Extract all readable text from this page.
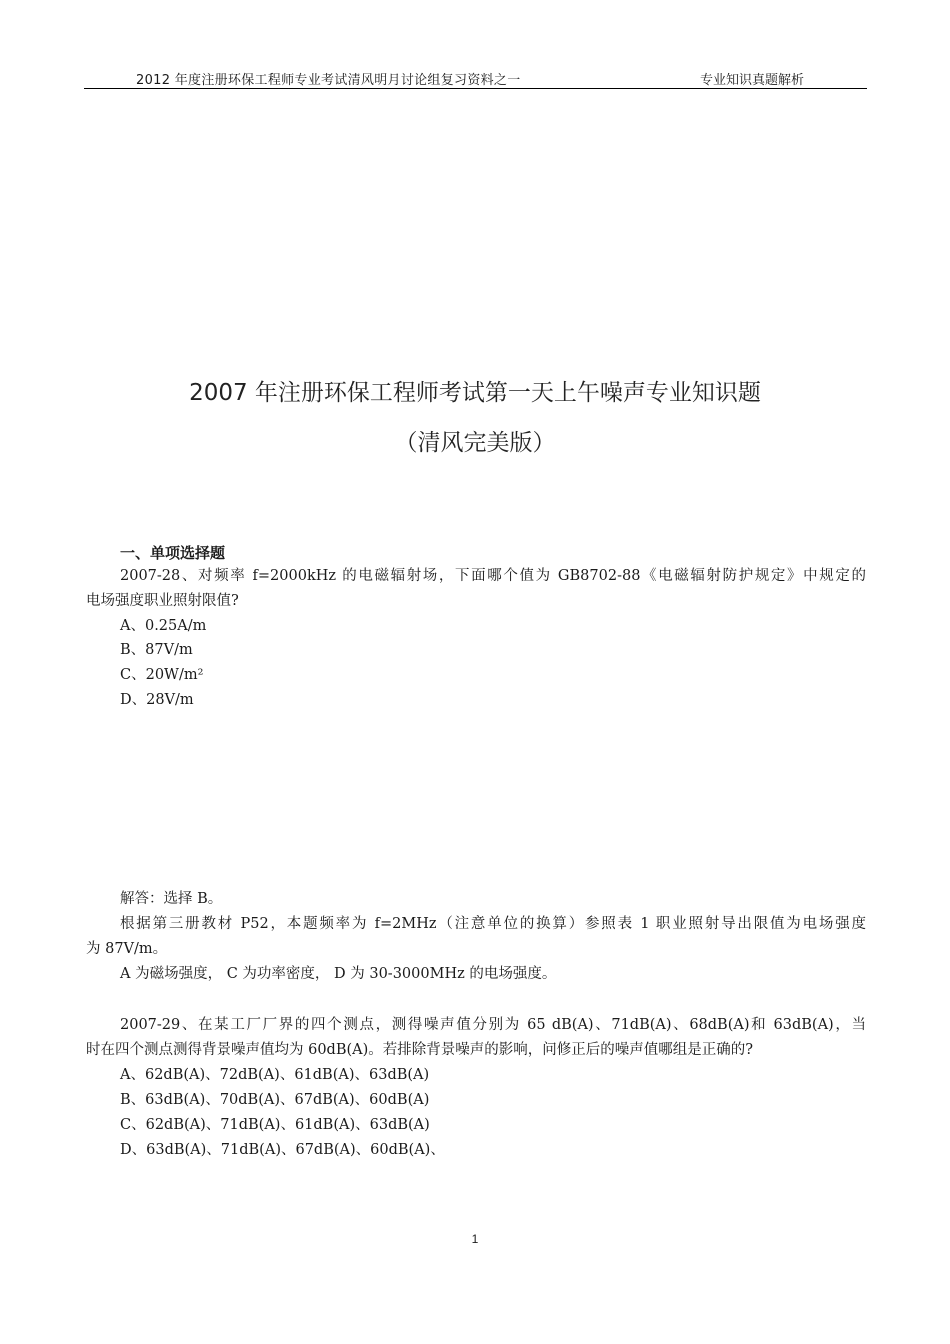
2012 年度注册环保工程师专业考试清风明月讨论组复习资料之一	专业知识真题解析
2007 年注册环保工程师考试第一天上午噪声专业知识题
（清风完美版）
一、单项选择题
2007-28、对频率 f=2000kHz 的电磁辐射场，下面哪个值为 GB8702-88《电磁辐射防护规定》中规定的
电场强度职业照射限值?
A、0.25A/m
B、87V/m
C、20W/m²
D、28V/m
解答：选择 B。
根据第三册教材 P52，本题频率为 f=2MHz（注意单位的换算）参照表 1 职业照射导出限值为电场强度
为 87V/m。
A 为磁场强度， C 为功率密度， D 为 30-3000MHz 的电场强度。
2007-29、在某工厂厂界的四个测点，测得噪声值分别为 65 dB(A)、71dB(A)、68dB(A)和 63dB(A)，当
时在四个测点测得背景噪声值均为 60dB(A)。若排除背景噪声的影响，问修正后的噪声值哪组是正确的?
A、62dB(A)、72dB(A)、61dB(A)、63dB(A)
B、63dB(A)、70dB(A)、67dB(A)、60dB(A)
C、62dB(A)、71dB(A)、61dB(A)、63dB(A)
D、63dB(A)、71dB(A)、67dB(A)、60dB(A)、
1
